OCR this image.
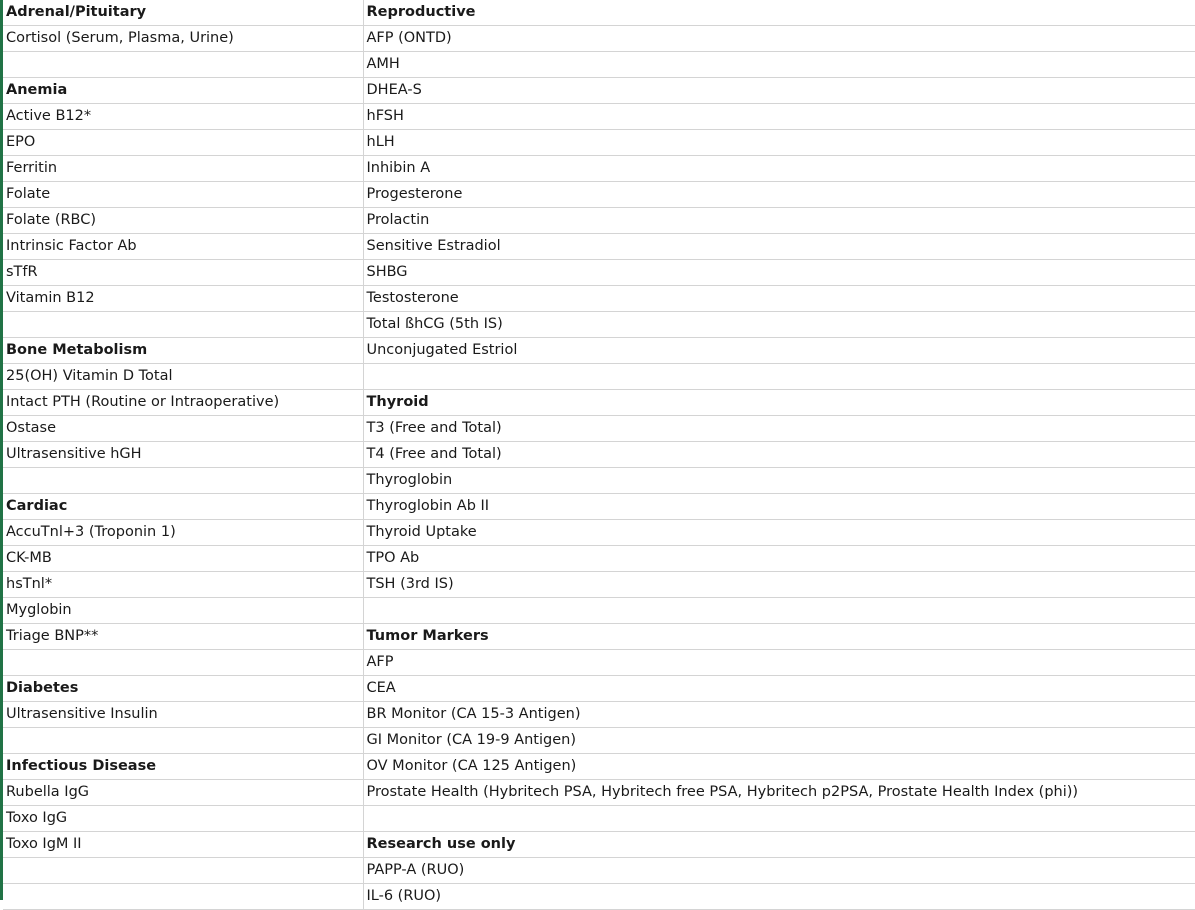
Adrenal/Pituitary	Reproductive
Cortisol (Serum, Plasma, Urine)	AFP (ONTD)
	AMH
Anemia	DHEA-S
Active B12*	hFSH
EPO	hLH
Ferritin	Inhibin A
Folate	Progesterone
Folate (RBC)	Prolactin
Intrinsic Factor Ab	Sensitive Estradiol
sTfR	SHBG
Vitamin B12	Testosterone
	Total ßhCG (5th IS)
Bone Metabolism	Unconjugated Estriol
25(OH) Vitamin D Total	
Intact PTH (Routine or Intraoperative)	Thyroid
Ostase	T3 (Free and Total)
Ultrasensitive hGH	T4 (Free and Total)
	Thyroglobin
Cardiac	Thyroglobin Ab II
AccuTnl+3 (Troponin 1)	Thyroid Uptake
CK-MB	TPO Ab
hsTnl*	TSH (3rd IS)
Myglobin	
Triage BNP**	Tumor Markers
	AFP
Diabetes	CEA
Ultrasensitive Insulin	BR Monitor (CA 15-3 Antigen)
	GI Monitor (CA 19-9 Antigen)
Infectious Disease	OV Monitor (CA 125 Antigen)
Rubella IgG	Prostate Health (Hybritech PSA, Hybritech free PSA, Hybritech p2PSA, Prostate Health Index (phi))
Toxo IgG	
Toxo IgM II	Research use only
	PAPP-A (RUO)
	IL-6 (RUO)
